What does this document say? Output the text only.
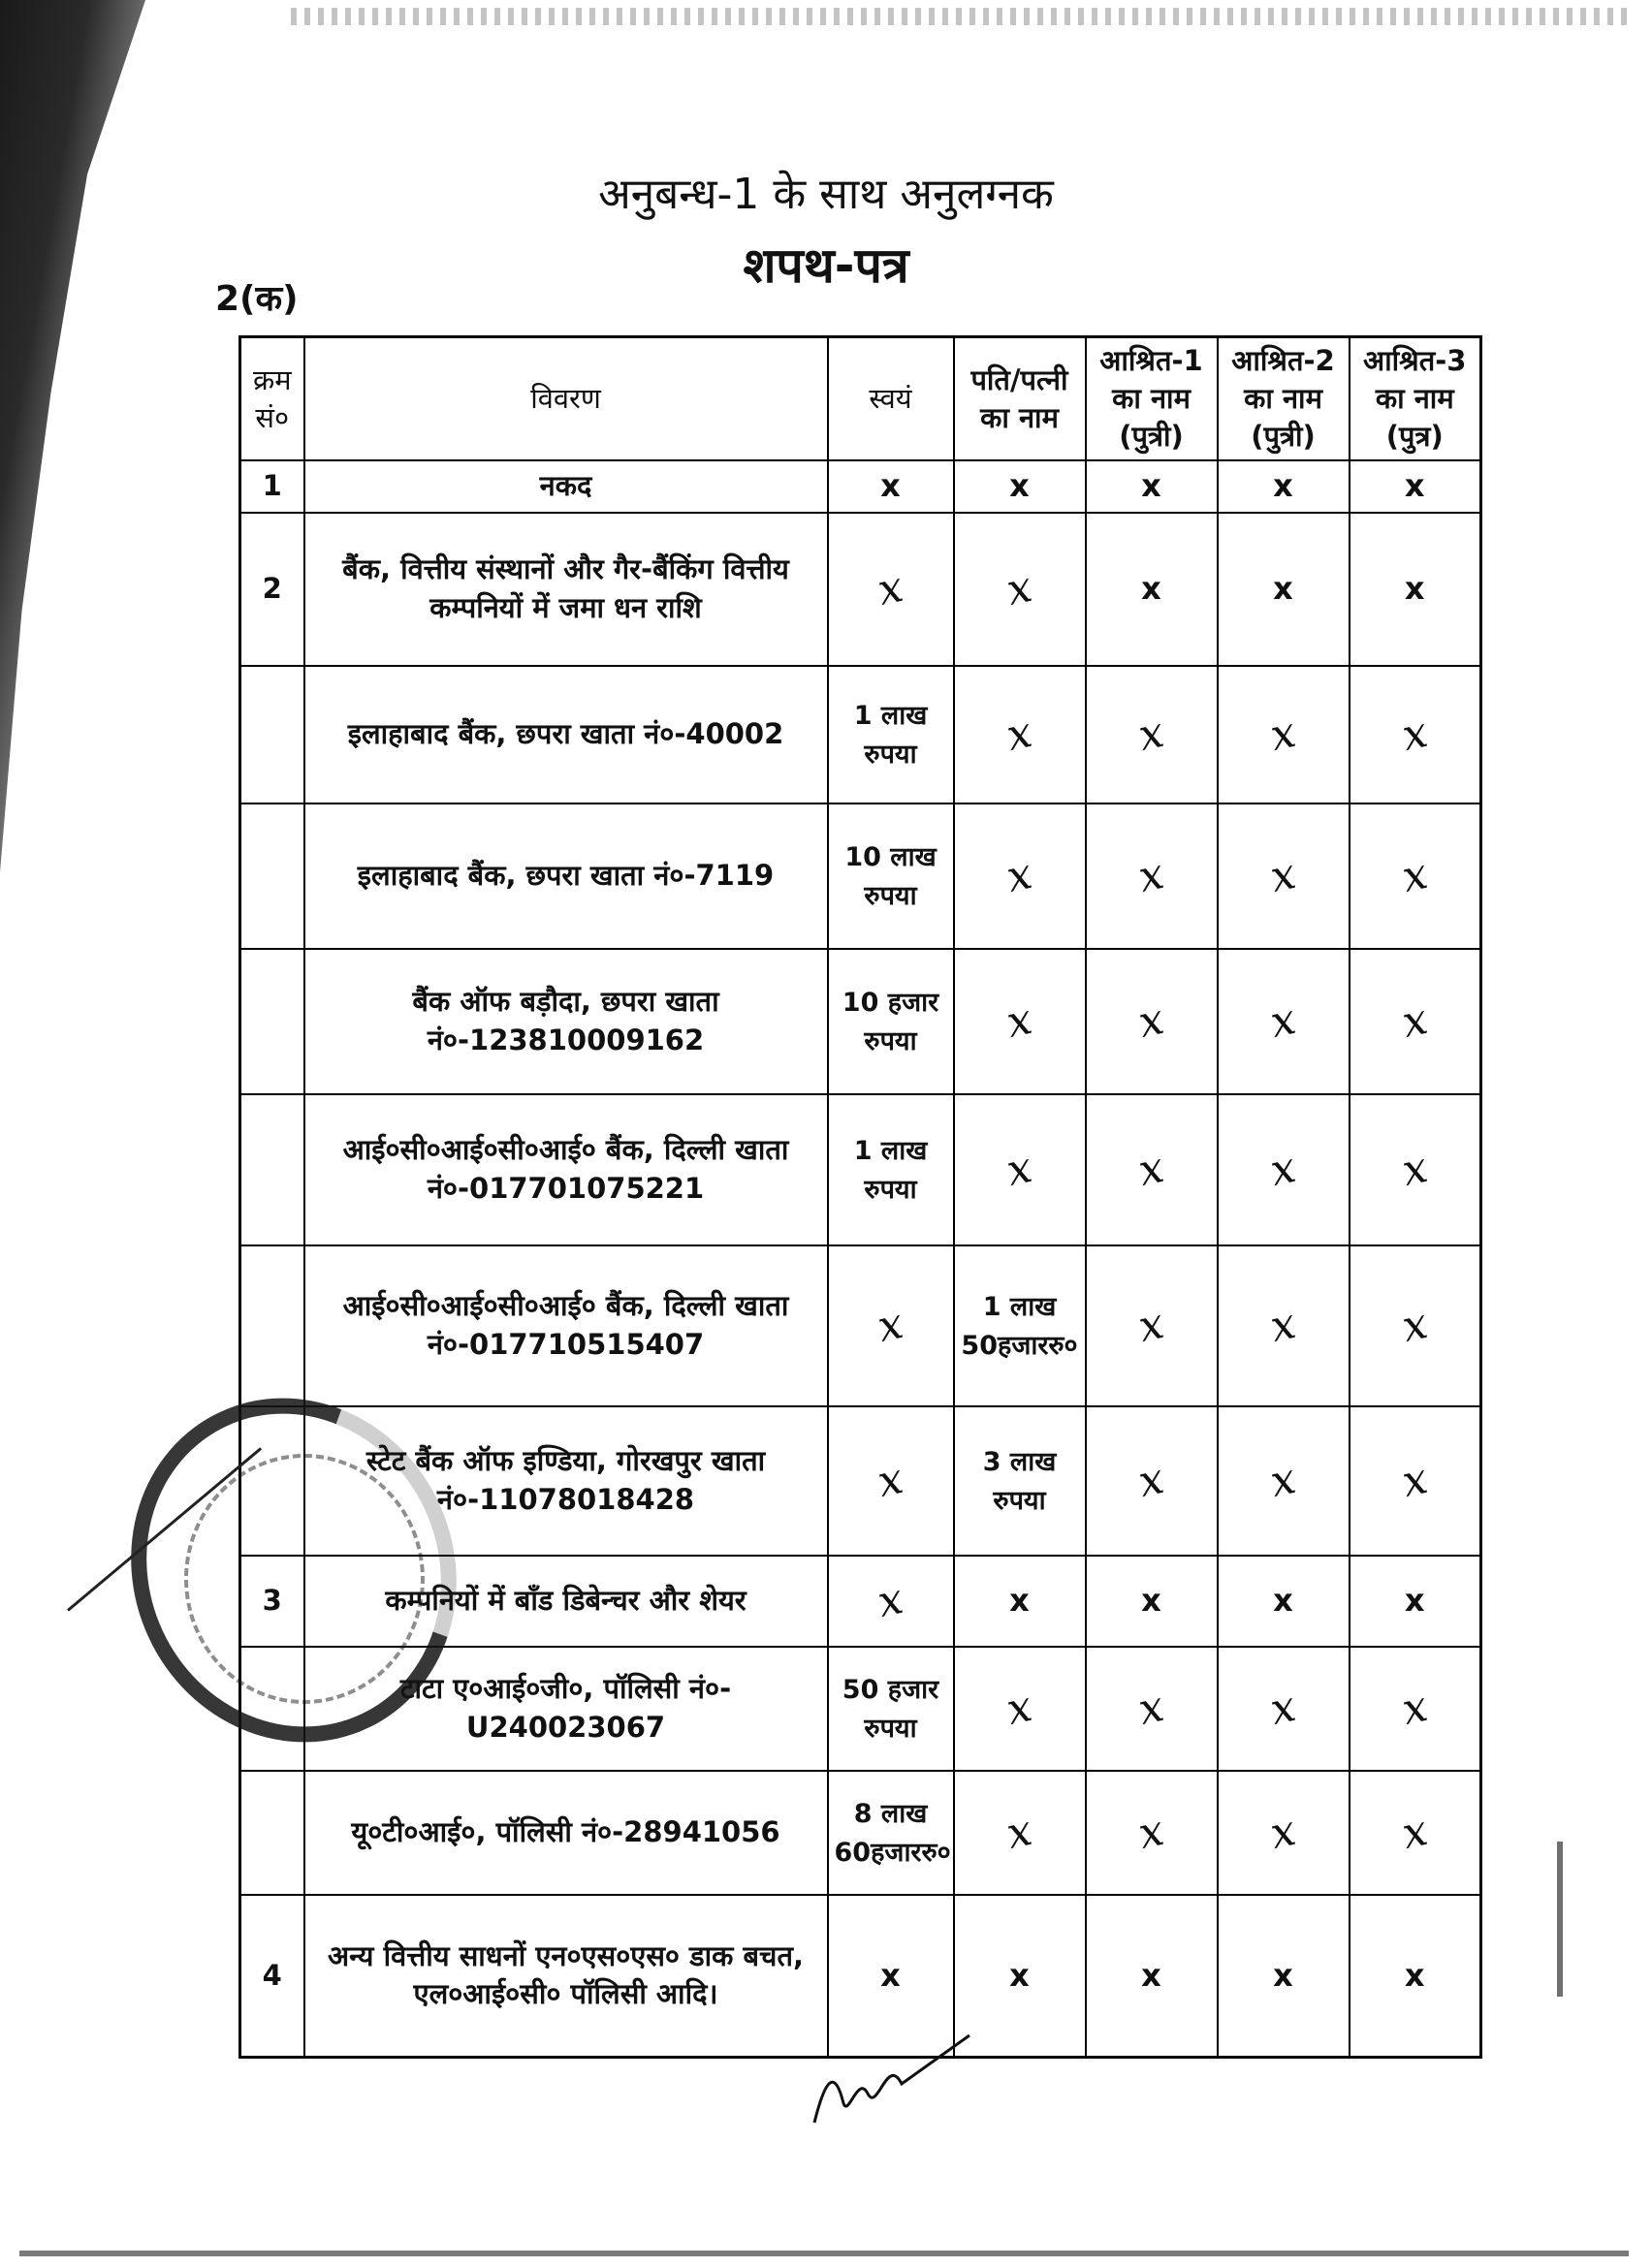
अनुबन्ध-1 के साथ अनुलग्नक
शपथ-पत्र
2(क)
क्रम सं०	विवरण	स्वयं	पति/पत्नी का नाम	आश्रित-1 का नाम (पुत्री)	आश्रित-2 का नाम (पुत्री)	आश्रित-3 का नाम (पुत्र)
1	नकद	x	x	x	x	x
2	बैंक, वित्तीय संस्थानों और गैर-बैंकिंग वित्तीय कम्पनियों में जमा धन राशि	x	x	x	x	x
	इलाहाबाद बैंक, छपरा खाता नं०-40002	1 लाख रुपया	x	x	x	x
	इलाहाबाद बैंक, छपरा खाता नं०-7119	10 लाख रुपया	x	x	x	x
	बैंक ऑफ बड़ौदा, छपरा खाता नं०-123810009162	10 हजार रुपया	x	x	x	x
	आई०सी०आई०सी०आई० बैंक, दिल्ली खाता नं०-017701075221	1 लाख रुपया	x	x	x	x
	आई०सी०आई०सी०आई० बैंक, दिल्ली खाता नं०-017710515407	x	1 लाख 50हजाररु०	x	x	x
	स्टेट बैंक ऑफ इण्डिया, गोरखपुर खाता नं०-11078018428	x	3 लाख रुपया	x	x	x
3	कम्पनियों में बाँड डिबेन्चर और शेयर	x	x	x	x	x
	टाटा ए०आई०जी०, पॉलिसी नं०-U240023067	50 हजार रुपया	x	x	x	x
	यू०टी०आई०, पॉलिसी नं०-28941056	8 लाख 60हजाररु०	x	x	x	x
4	अन्य वित्तीय साधनों एन०एस०एस० डाक बचत, एल०आई०सी० पॉलिसी आदि।	x	x	x	x	x
